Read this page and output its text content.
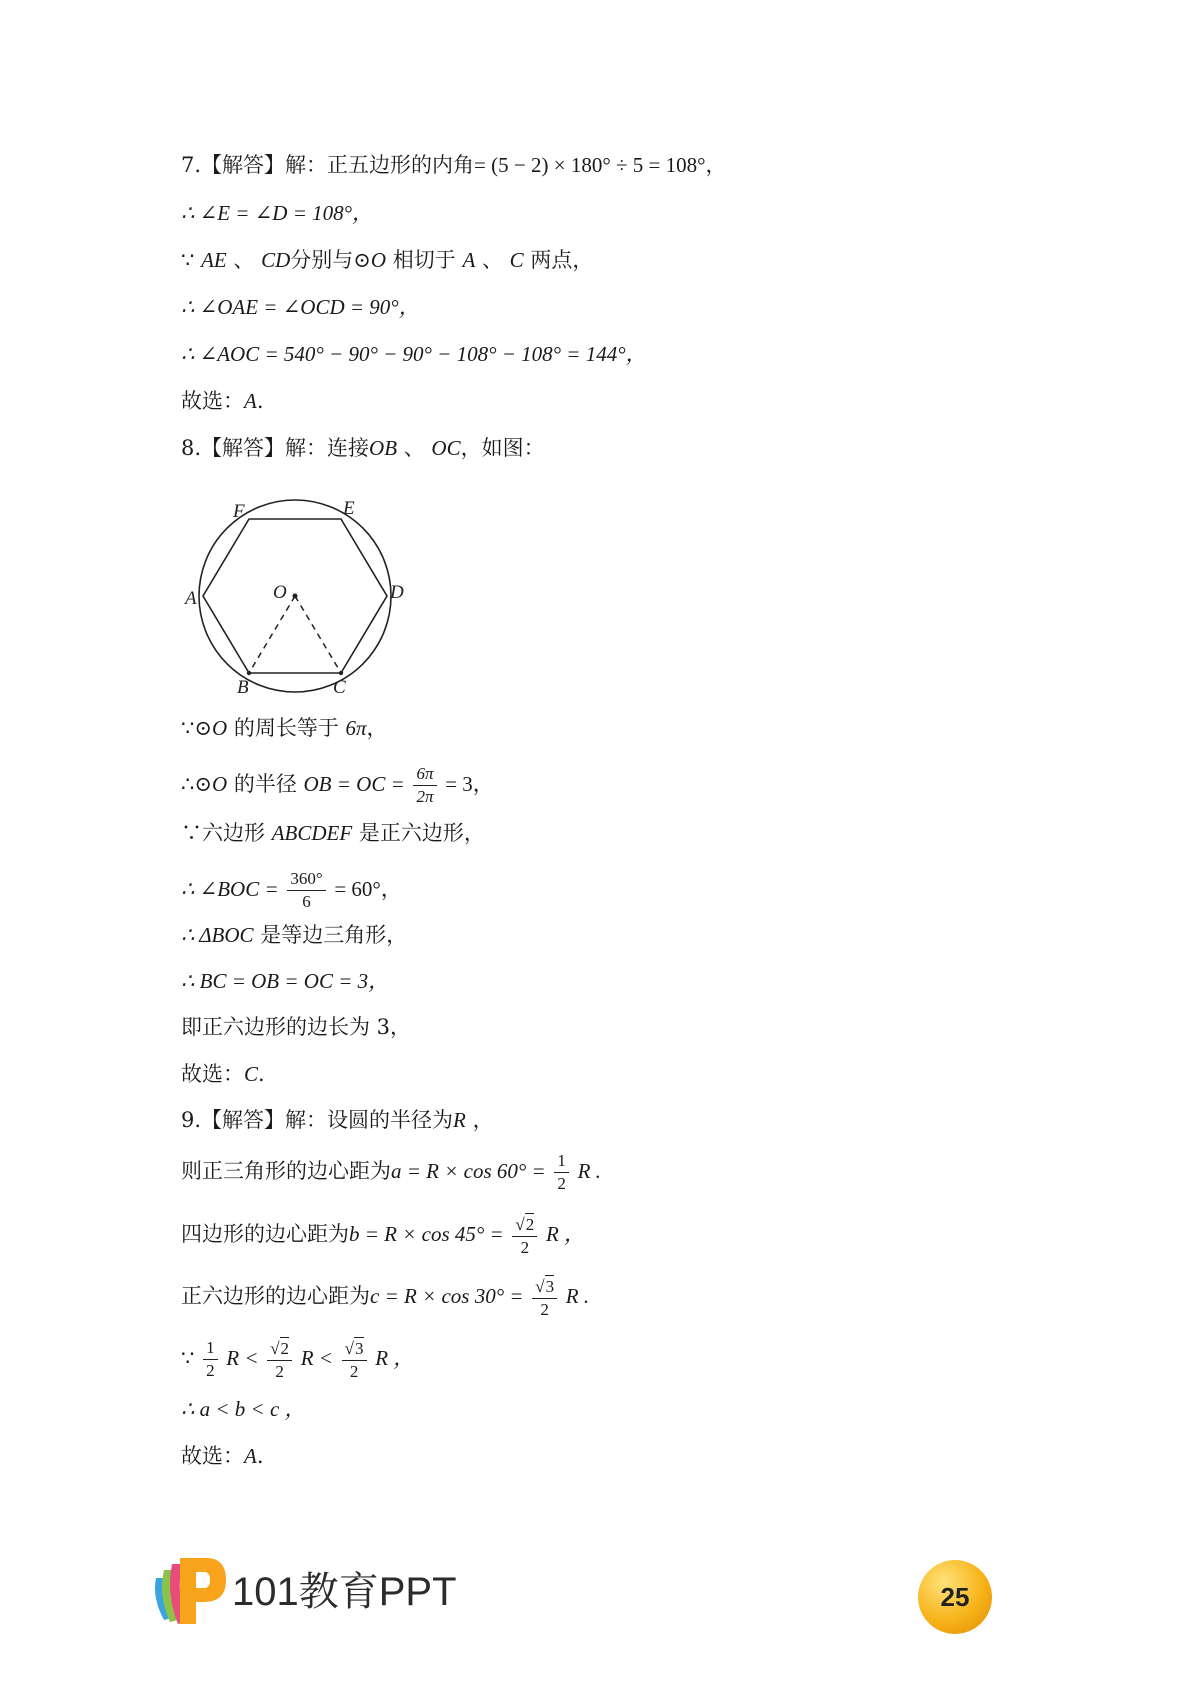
7.【解答】解：正五边形的内角= (5 − 2) × 180° ÷ 5 = 108°，
∴ ∠E = ∠D = 108°，
∵ AE 、 CD分别与⊙O 相切于 A 、 C 两点，
∴ ∠OAE = ∠OCD = 90°，
∴ ∠AOC = 540° − 90° − 90° − 108° − 108° = 144°，
故选：A.
8.【解答】解：连接OB 、 OC，如图：
F	E
A	O	D
B	C
∵⊙O 的周长等于 6π，
∴⊙O 的半径 OB = OC = $\frac{6\pi}{2\pi} = 3$，
∵六边形 ABCDEF 是正六边形，
∴ ∠BOC = $\frac{360^\circ}{6} = 60^\circ$，
∴ ΔBOC 是等边三角形，
∴ BC = OB = OC = 3，
即正六边形的边长为 3，
故选：C.
9.【解答】解：设圆的半径为R ，
则正三角形的边心距为$a = R \times \cos 60^\circ = \frac{1}{2}$ R .
四边形的边心距为$b = R \times \cos 45^\circ = \frac{√2}{2}$ R ，
正六边形的边心距为$c = R \times \cos 30^\circ = \frac{√3}{2}$ R .
∵ $\frac{1}{2}$ $R < \frac{√2}{2}$ $R < \frac{√3}{2}$ R ，
∴ a < b < c ，
故选：A.
101教育PPT	25
